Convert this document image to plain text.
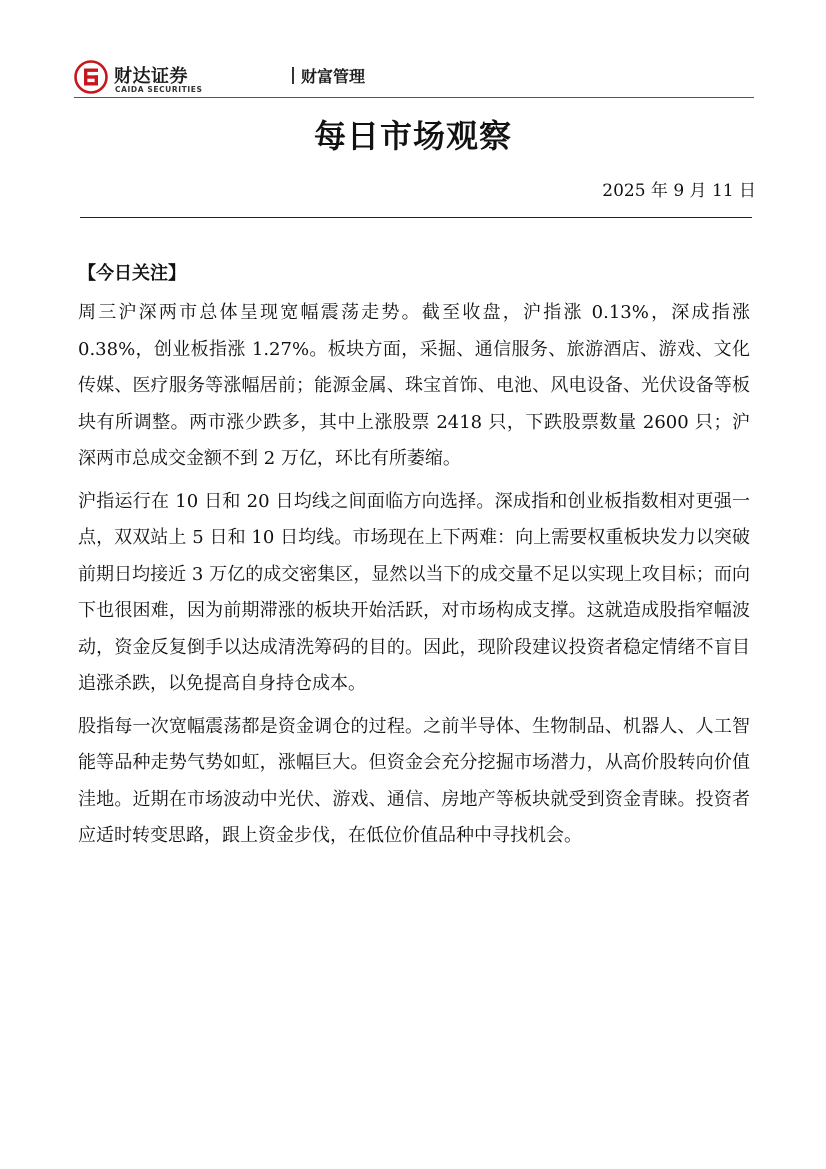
财达证券
CAIDA SECURITIES
财富管理
每日市场观察
2025 年 9 月 11 日
【今日关注】

周三沪深两市总体呈现宽幅震荡走势。截至收盘，沪指涨 0.13%，深成指涨 0.38%，创业板指涨 1.27%。板块方面，采掘、通信服务、旅游酒店、游戏、文化传媒、医疗服务等涨幅居前；能源金属、珠宝首饰、电池、风电设备、光伏设备等板块有所调整。两市涨少跌多，其中上涨股票 2418 只，下跌股票数量 2600 只；沪深两市总成交金额不到 2 万亿，环比有所萎缩。

沪指运行在 10 日和 20 日均线之间面临方向选择。深成指和创业板指数相对更强一点，双双站上 5 日和 10 日均线。市场现在上下两难：向上需要权重板块发力以突破前期日均接近 3 万亿的成交密集区，显然以当下的成交量不足以实现上攻目标；而向下也很困难，因为前期滞涨的板块开始活跃，对市场构成支撑。这就造成股指窄幅波动，资金反复倒手以达成清洗筹码的目的。因此，现阶段建议投资者稳定情绪不盲目追涨杀跌，以免提高自身持仓成本。

股指每一次宽幅震荡都是资金调仓的过程。之前半导体、生物制品、机器人、人工智能等品种走势气势如虹，涨幅巨大。但资金会充分挖掘市场潜力，从高价股转向价值洼地。近期在市场波动中光伏、游戏、通信、房地产等板块就受到资金青睐。投资者应适时转变思路，跟上资金步伐，在低位价值品种中寻找机会。
